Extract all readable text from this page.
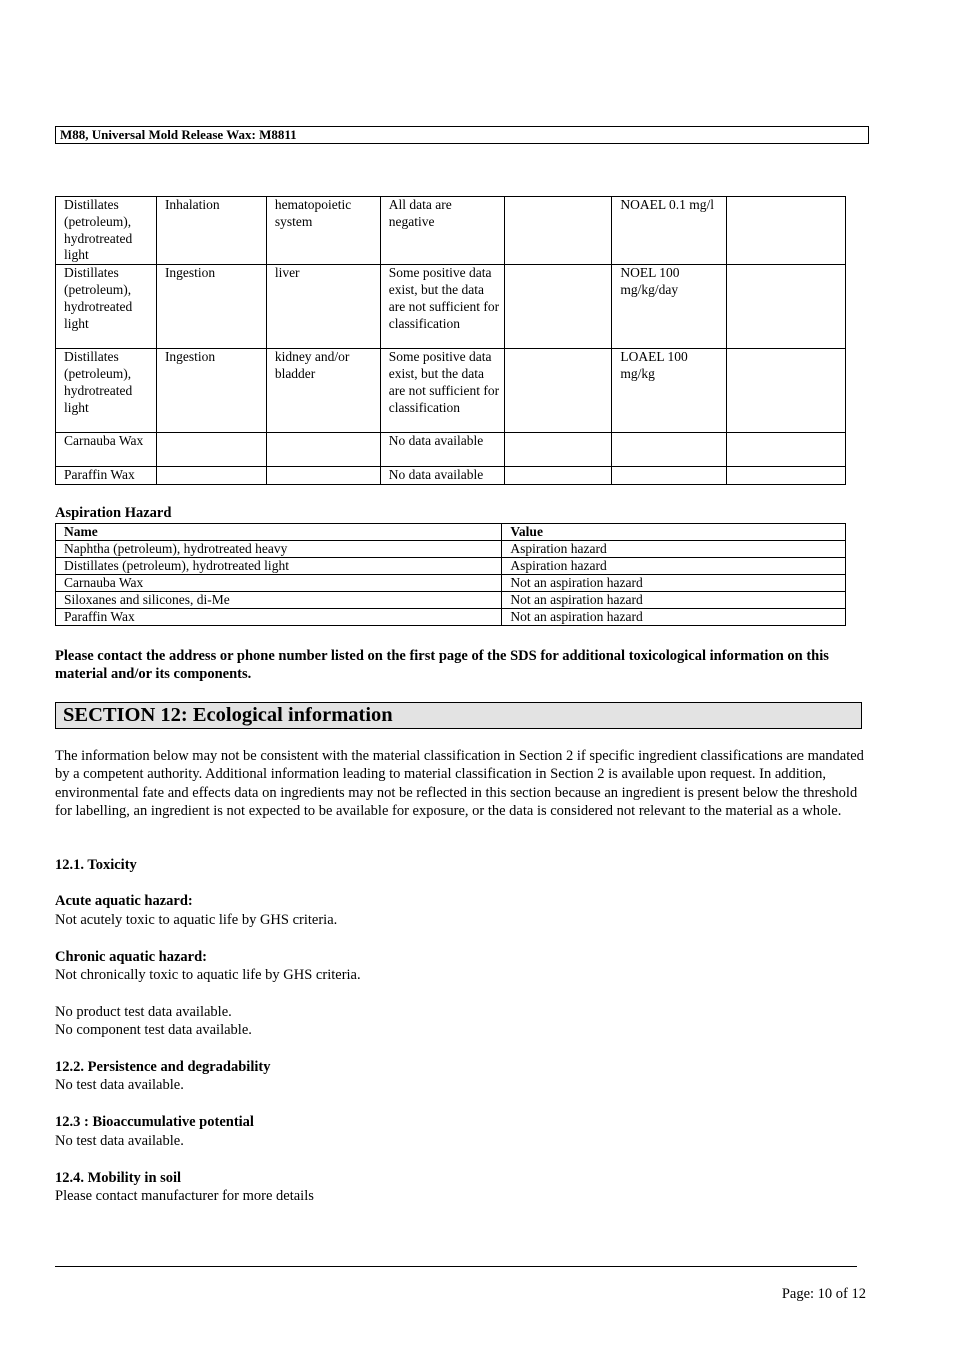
M88, Universal Mold Release Wax: M8811
Distillates (petroleum), hydrotreated light	Inhalation	hematopoietic system	All data are negative		NOAEL 0.1 mg/l	
Distillates (petroleum), hydrotreated light	Ingestion	liver	Some positive data exist, but the data are not sufficient for classification		NOEL 100 mg/kg/day	
Distillates (petroleum), hydrotreated light	Ingestion	kidney and/or bladder	Some positive data exist, but the data are not sufficient for classification		LOAEL 100 mg/kg	
Carnauba Wax			No data available			
Paraffin Wax			No data available			
Aspiration Hazard
Name	Value
Naphtha (petroleum), hydrotreated heavy	Aspiration hazard
Distillates (petroleum), hydrotreated light	Aspiration hazard
Carnauba Wax	Not an aspiration hazard
Siloxanes and silicones, di-Me	Not an aspiration hazard
Paraffin Wax	Not an aspiration hazard
Please contact the address or phone number listed on the first page of the SDS for additional toxicological information on this material and/or its components.
SECTION 12: Ecological information
The information below may not be consistent with the material classification in Section 2 if specific ingredient classifications are mandated by a competent authority. Additional information leading to material classification in Section 2 is available upon request. In addition, environmental fate and effects data on ingredients may not be reflected in this section because an ingredient is present below the threshold for labelling, an ingredient is not expected to be available for exposure, or the data is considered not relevant to the material as a whole.
12.1. Toxicity
Acute aquatic hazard:
Not acutely toxic to aquatic life by GHS criteria.
Chronic aquatic hazard:
Not chronically toxic to aquatic life by GHS criteria.
No product test data available.
No component test data available.
12.2. Persistence and degradability
No test data available.
12.3 : Bioaccumulative potential
No test data available.
12.4. Mobility in soil
Please contact manufacturer for more details
Page: 10 of 12
